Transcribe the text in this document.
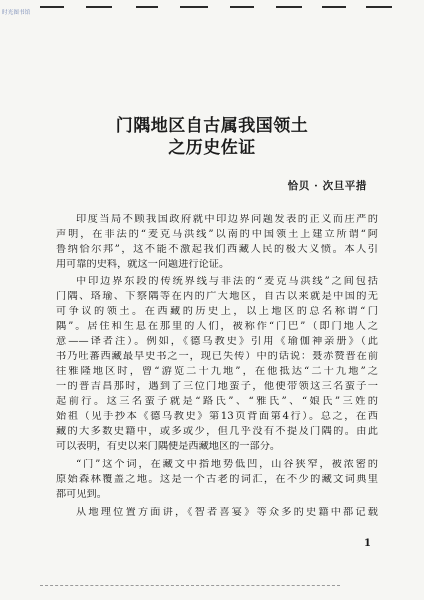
时光图书馆
门隅地区自古属我国领土
之历史佐证
恰贝 · 次旦平措
印度当局不顾我国政府就中印边界问题发表的正义而庄严的
声明，在非法的“麦克马洪线”以南的中国领土上建立所谓“阿
鲁纳恰尔邦”，这不能不激起我们西藏人民的极大义愤。本人引
用可靠的史料，就这一问题进行论证。
中印边界东段的传统界线与非法的“麦克马洪线”之间包括
门隅、珞瑜、下察隅等在内的广大地区，自古以来就是中国的无
可争议的领土。在西藏的历史上，以上地区的总名称谓“门
隅”。居住和生息在那里的人们，被称作“门巴”（即门地人之
意——译者注）。例如，《德乌教史》引用《瑜伽神亲册》（此
书乃吐蕃西藏最早史书之一，现已失传）中的话说：聂赤赞普在前
往雅隆地区时，曾“游览二十九地”，在他抵达“二十九地”之
一的普吉昌那时，遇到了三位门地蛮子，他便带领这三名蛮子一
起前行。这三名蛮子就是“路氏”、“雅氏”、“娘氏”三姓的
始祖（见手抄本《德乌教史》第13页背面第4行）。总之，在西
藏的大多数史籍中，或多或少，但几乎没有不提及门隅的。由此
可以表明，有史以来门隅便是西藏地区的一部分。
“门”这个词，在藏文中指地势低凹，山谷狭窄，被浓密的
原始森林覆盖之地。这是一个古老的词汇，在不少的藏文词典里
都可见到。
从地理位置方面讲，《智者喜宴》等众多的史籍中都记载
1
